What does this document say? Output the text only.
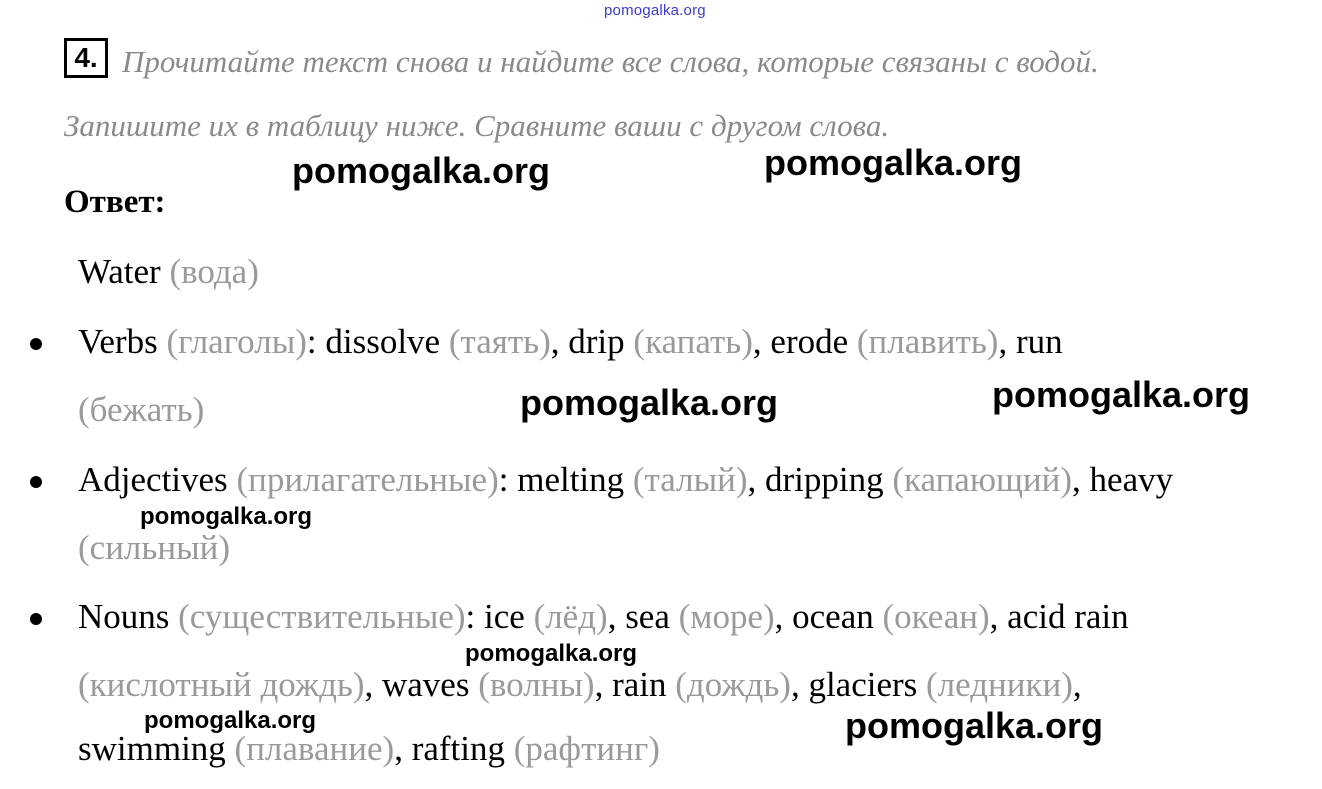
pomogalka.org
4. Прочитайте текст снова и найдите все слова, которые связаны с водой.
Запишите их в таблицу ниже. Сравните ваши с другом слова.
Ответ:
Water (вода)
Verbs (глаголы): dissolve (таять), drip (капать), erode (плавить), run
(бежать)
Adjectives (прилагательные): melting (талый), dripping (капающий), heavy
(сильный)
Nouns (существительные): ice (лёд), sea (море), ocean (океан), acid rain
(кислотный дождь), waves (волны), rain (дождь), glaciers (ледники),
swimming (плавание), rafting (рафтинг)
pomogalka.org	pomogalka.org
pomogalka.org	pomogalka.org
pomogalka.org
pomogalka.org
pomogalka.org	pomogalka.org
